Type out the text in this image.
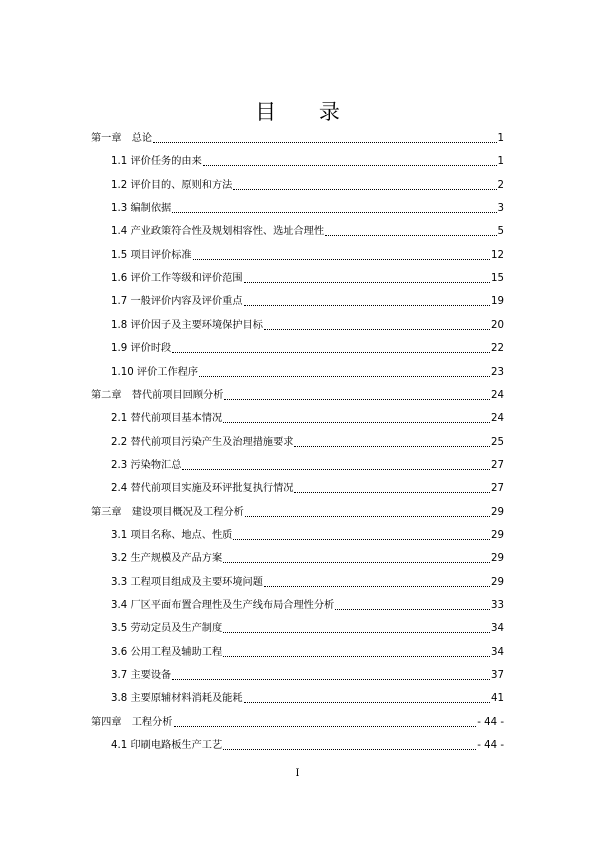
目 录
第一章　总论	1
1.1 评价任务的由来	1
1.2 评价目的、原则和方法	2
1.3 编制依据	3
1.4 产业政策符合性及规划相容性、选址合理性	5
1.5 项目评价标准	12
1.6 评价工作等级和评价范围	15
1.7 一般评价内容及评价重点	19
1.8 评价因子及主要环境保护目标	20
1.9 评价时段	22
1.10 评价工作程序	23
第二章　替代前项目回顾分析	24
2.1 替代前项目基本情况	24
2.2 替代前项目污染产生及治理措施要求	25
2.3 污染物汇总	27
2.4 替代前项目实施及环评批复执行情况	27
第三章　建设项目概况及工程分析	29
3.1 项目名称、地点、性质	29
3.2 生产规模及产品方案	29
3.3 工程项目组成及主要环境问题	29
3.4 厂区平面布置合理性及生产线布局合理性分析	33
3.5 劳动定员及生产制度	34
3.6 公用工程及辅助工程	34
3.7 主要设备	37
3.8 主要原辅材料消耗及能耗	41
第四章　工程分析	- 44 -
4.1 印刷电路板生产工艺	- 44 -
I
